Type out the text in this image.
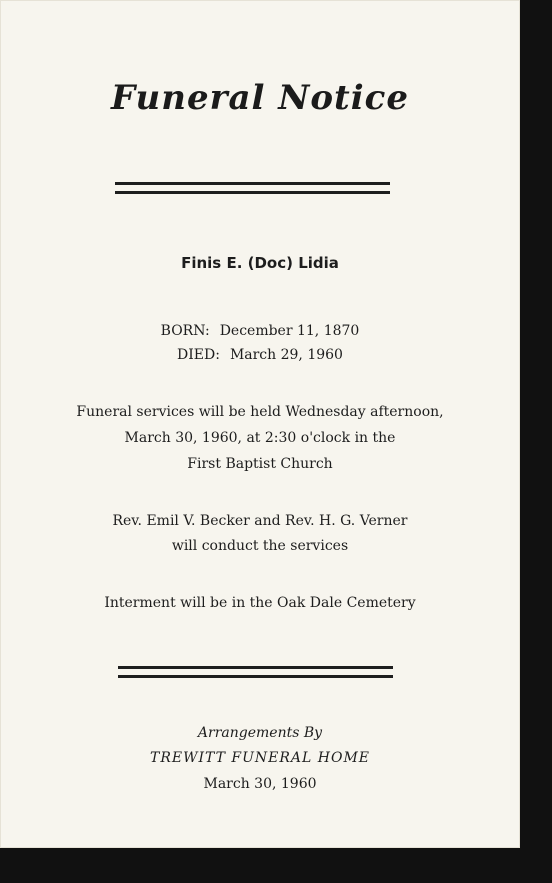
Funeral Notice
Finis E. (Doc) Lidia
BORN: December 11, 1870
DIED: March 29, 1960
Funeral services will be held Wednesday afternoon,
March 30, 1960, at 2:30 o'clock in the
First Baptist Church
Rev. Emil V. Becker and Rev. H. G. Verner
will conduct the services
Interment will be in the Oak Dale Cemetery
Arrangements By
TREWITT FUNERAL HOME
March 30, 1960
